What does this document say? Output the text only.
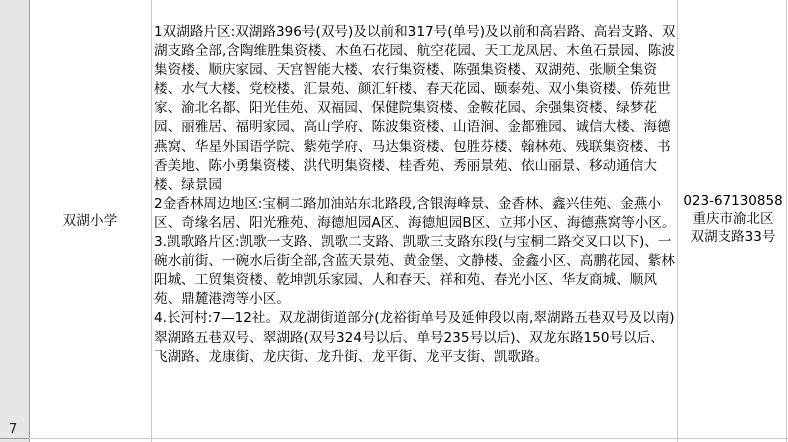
7
双湖小学

1双湖路片区:双湖路396号(双号)及以前和317号(单号)及以前和高岩路、高岩支路、双湖支路全部,含陶维胜集资楼、木鱼石花园、航空花园、天工龙凤居、木鱼石景园、陈波集资楼、顺庆家园、天宫智能大楼、农行集资楼、陈强集资楼、双湖苑、张顺全集资楼、水气大楼、党校楼、汇景苑、颜汇轩楼、春天花园、颐泰苑、双小集资楼、侨苑世家、渝北名都、阳光佳苑、双福园、保健院集资楼、金鞍花园、余强集资楼、绿梦花园、丽雅居、福明家园、高山学府、陈波集资楼、山语涧、金都雅园、诚信大楼、海德燕窝、华星外国语学院、紫苑学府、马达集资楼、包胜芬楼、翰林苑、残联集资楼、书香美地、陈小勇集资楼、洪代明集资楼、桂香苑、秀丽景苑、依山丽景、移动通信大楼、绿景园

2金香林周边地区:宝桐二路加油站东北路段,含银海峰景、金香林、鑫兴佳苑、金燕小区、奇缘名居、阳光雅苑、海德旭园A区、海德旭园B区、立邦小区、海德燕窝等小区。

3.凯歌路片区:凯歌一支路、凯歌二支路、凯歌三支路东段(与宝桐二路交叉口以下)、一碗水前街、一碗水后街全部,含蓝天景苑、黄金堡、文静楼、金鑫小区、高鹏花园、紫林阳城、工贸集资楼、乾坤凯乐家园、人和春天、祥和苑、春光小区、华友商城、顺风苑、鼎麓港湾等小区。

4.长河村:7—12社。双龙湖街道部分(龙裕街单号及延伸段以南,翠湖路五巷双号及以南)

翠湖路五巷双号、翠湖路(双号324号以后、单号235号以后)、双龙东路150号以后、飞湖路、龙康街、龙庆街、龙升街、龙平街、龙平支街、凯歌路。

023-67130858
重庆市渝北区
双湖支路33号
